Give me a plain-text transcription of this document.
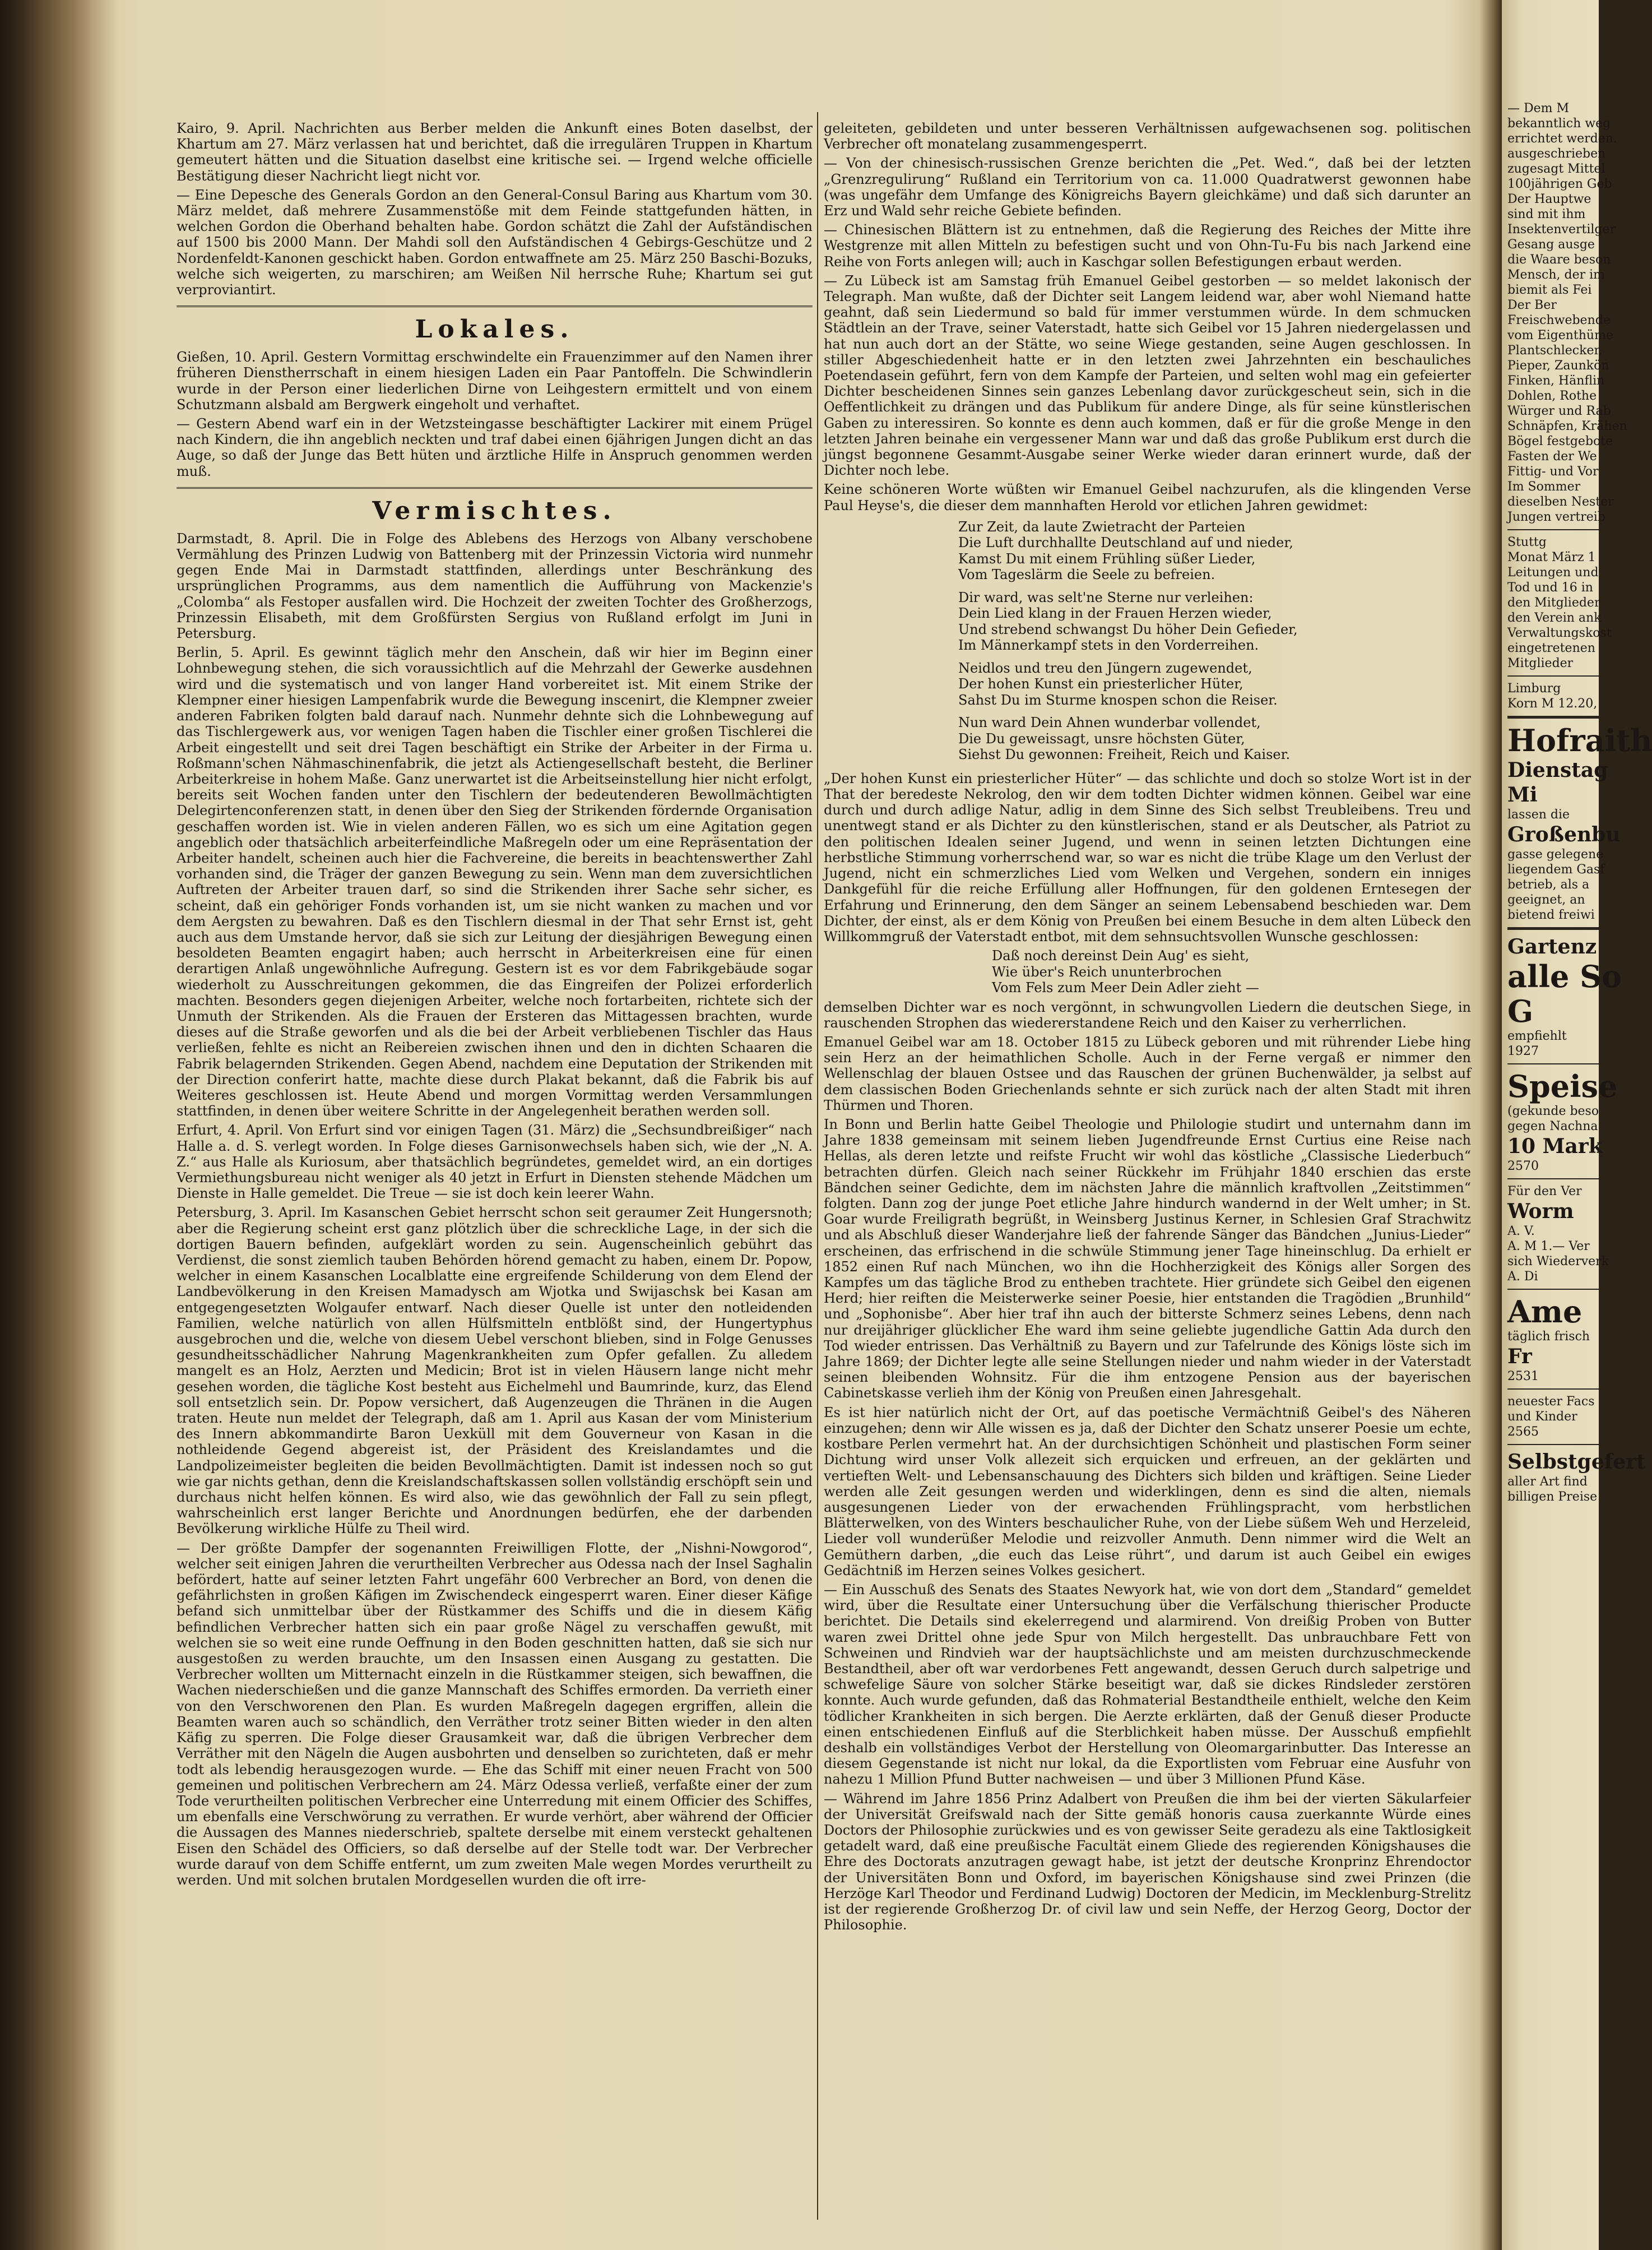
Kairo, 9. April. Nachrichten aus Berber melden die Ankunft eines Boten daselbst, der Khartum am 27. März verlassen hat und berichtet, daß die irregulären Truppen in Khartum gemeutert hätten und die Situation daselbst eine kritische sei. — Irgend welche officielle Bestätigung dieser Nachricht liegt nicht vor.

— Eine Depesche des Generals Gordon an den General-Consul Baring aus Khartum vom 30. März meldet, daß mehrere Zusammenstöße mit dem Feinde stattgefunden hätten, in welchen Gordon die Oberhand behalten habe. Gordon schätzt die Zahl der Aufständischen auf 1500 bis 2000 Mann. Der Mahdi soll den Aufständischen 4 Gebirgs-Geschütze und 2 Nordenfeldt-Kanonen geschickt haben. Gordon entwaffnete am 25. März 250 Baschi-Bozuks, welche sich weigerten, zu marschiren; am Weißen Nil herrsche Ruhe; Khartum sei gut verproviantirt.

Lokales.

Gießen, 10. April. Gestern Vormittag erschwindelte ein Frauenzimmer auf den Namen ihrer früheren Dienstherrschaft in einem hiesigen Laden ein Paar Pantoffeln. Die Schwindlerin wurde in der Person einer liederlichen Dirne von Leihgestern ermittelt und von einem Schutzmann alsbald am Bergwerk eingeholt und verhaftet.

— Gestern Abend warf ein in der Wetzsteingasse beschäftigter Lackirer mit einem Prügel nach Kindern, die ihn angeblich neckten und traf dabei einen 6jährigen Jungen dicht an das Auge, so daß der Junge das Bett hüten und ärztliche Hilfe in Anspruch genommen werden muß.

Vermischtes.

Darmstadt, 8. April. Die in Folge des Ablebens des Herzogs von Albany verschobene Vermählung des Prinzen Ludwig von Battenberg mit der Prinzessin Victoria wird nunmehr gegen Ende Mai in Darmstadt stattfinden, allerdings unter Beschränkung des ursprünglichen Programms, aus dem namentlich die Aufführung von Mackenzie's „Colomba“ als Festoper ausfallen wird. Die Hochzeit der zweiten Tochter des Großherzogs, Prinzessin Elisabeth, mit dem Großfürsten Sergius von Rußland erfolgt im Juni in Petersburg.

Berlin, 5. April. Es gewinnt täglich mehr den Anschein, daß wir hier im Beginn einer Lohnbewegung stehen, die sich voraussichtlich auf die Mehrzahl der Gewerke ausdehnen wird und die systematisch und von langer Hand vorbereitet ist. Mit einem Strike der Klempner einer hiesigen Lampenfabrik wurde die Bewegung inscenirt, die Klempner zweier anderen Fabriken folgten bald darauf nach. Nunmehr dehnte sich die Lohnbewegung auf das Tischlergewerk aus, vor wenigen Tagen haben die Tischler einer großen Tischlerei die Arbeit eingestellt und seit drei Tagen beschäftigt ein Strike der Arbeiter in der Firma u. Roßmann'schen Nähmaschinenfabrik, die jetzt als Actiengesellschaft besteht, die Berliner Arbeiterkreise in hohem Maße. Ganz unerwartet ist die Arbeitseinstellung hier nicht erfolgt, bereits seit Wochen fanden unter den Tischlern der bedeutenderen Bewollmächtigten Delegirtenconferenzen statt, in denen über den Sieg der Strikenden fördernde Organisation geschaffen worden ist. Wie in vielen anderen Fällen, wo es sich um eine Agitation gegen angeblich oder thatsächlich arbeiterfeindliche Maßregeln oder um eine Repräsentation der Arbeiter handelt, scheinen auch hier die Fachvereine, die bereits in beachtenswerther Zahl vorhanden sind, die Träger der ganzen Bewegung zu sein. Wenn man dem zuversichtlichen Auftreten der Arbeiter trauen darf, so sind die Strikenden ihrer Sache sehr sicher, es scheint, daß ein gehöriger Fonds vorhanden ist, um sie nicht wanken zu machen und vor dem Aergsten zu bewahren. Daß es den Tischlern diesmal in der That sehr Ernst ist, geht auch aus dem Umstande hervor, daß sie sich zur Leitung der diesjährigen Bewegung einen besoldeten Beamten engagirt haben; auch herrscht in Arbeiterkreisen eine für einen derartigen Anlaß ungewöhnliche Aufregung. Gestern ist es vor dem Fabrikgebäude sogar wiederholt zu Ausschreitungen gekommen, die das Eingreifen der Polizei erforderlich machten. Besonders gegen diejenigen Arbeiter, welche noch fortarbeiten, richtete sich der Unmuth der Strikenden. Als die Frauen der Ersteren das Mittagessen brachten, wurde dieses auf die Straße geworfen und als die bei der Arbeit verbliebenen Tischler das Haus verließen, fehlte es nicht an Reibereien zwischen ihnen und den in dichten Schaaren die Fabrik belagernden Strikenden. Gegen Abend, nachdem eine Deputation der Strikenden mit der Direction conferirt hatte, machte diese durch Plakat bekannt, daß die Fabrik bis auf Weiteres geschlossen ist. Heute Abend und morgen Vormittag werden Versammlungen stattfinden, in denen über weitere Schritte in der Angelegenheit berathen werden soll.

Erfurt, 4. April. Von Erfurt sind vor einigen Tagen (31. März) die „Sechsundbreißiger“ nach Halle a. d. S. verlegt worden. In Folge dieses Garnisonwechsels haben sich, wie der „N. A. Z.“ aus Halle als Kuriosum, aber thatsächlich begründetes, gemeldet wird, an ein dortiges Vermiethungsbureau nicht weniger als 40 jetzt in Erfurt in Diensten stehende Mädchen um Dienste in Halle gemeldet. Die Treue — sie ist doch kein leerer Wahn.

Petersburg, 3. April. Im Kasanschen Gebiet herrscht schon seit geraumer Zeit Hungersnoth; aber die Regierung scheint erst ganz plötzlich über die schreckliche Lage, in der sich die dortigen Bauern befinden, aufgeklärt worden zu sein. Augenscheinlich gebührt das Verdienst, die sonst ziemlich tauben Behörden hörend gemacht zu haben, einem Dr. Popow, welcher in einem Kasanschen Localblatte eine ergreifende Schilderung von dem Elend der Landbevölkerung in den Kreisen Mamadysch am Wjotka und Swijaschsk bei Kasan am entgegengesetzten Wolgaufer entwarf. Nach dieser Quelle ist unter den notleidenden Familien, welche natürlich von allen Hülfsmitteln entblößt sind, der Hungertyphus ausgebrochen und die, welche von diesem Uebel verschont blieben, sind in Folge Genusses gesundheitsschädlicher Nahrung Magenkrankheiten zum Opfer gefallen. Zu alledem mangelt es an Holz, Aerzten und Medicin; Brot ist in vielen Häusern lange nicht mehr gesehen worden, die tägliche Kost besteht aus Eichelmehl und Baumrinde, kurz, das Elend soll entsetzlich sein. Dr. Popow versichert, daß Augenzeugen die Thränen in die Augen traten. Heute nun meldet der Telegraph, daß am 1. April aus Kasan der vom Ministerium des Innern abkommandirte Baron Uexküll mit dem Gouverneur von Kasan in die nothleidende Gegend abgereist ist, der Präsident des Kreislandamtes und die Landpolizeimeister begleiten die beiden Bevollmächtigten. Damit ist indessen noch so gut wie gar nichts gethan, denn die Kreislandschaftskassen sollen vollständig erschöpft sein und durchaus nicht helfen können. Es wird also, wie das gewöhnlich der Fall zu sein pflegt, wahrscheinlich erst langer Berichte und Anordnungen bedürfen, ehe der darbenden Bevölkerung wirkliche Hülfe zu Theil wird.

— Der größte Dampfer der sogenannten Freiwilligen Flotte, der „Nishni-Nowgorod“, welcher seit einigen Jahren die verurtheilten Verbrecher aus Odessa nach der Insel Saghalin befördert, hatte auf seiner letzten Fahrt ungefähr 600 Verbrecher an Bord, von denen die gefährlichsten in großen Käfigen im Zwischendeck eingesperrt waren. Einer dieser Käfige befand sich unmittelbar über der Rüstkammer des Schiffs und die in diesem Käfig befindlichen Verbrecher hatten sich ein paar große Nägel zu verschaffen gewußt, mit welchen sie so weit eine runde Oeffnung in den Boden geschnitten hatten, daß sie sich nur ausgestoßen zu werden brauchte, um den Insassen einen Ausgang zu gestatten. Die Verbrecher wollten um Mitternacht einzeln in die Rüstkammer steigen, sich bewaffnen, die Wachen niederschießen und die ganze Mannschaft des Schiffes ermorden. Da verrieth einer von den Verschworenen den Plan. Es wurden Maßregeln dagegen ergriffen, allein die Beamten waren auch so schändlich, den Verräther trotz seiner Bitten wieder in den alten Käfig zu sperren. Die Folge dieser Grausamkeit war, daß die übrigen Verbrecher dem Verräther mit den Nägeln die Augen ausbohrten und denselben so zurichteten, daß er mehr todt als lebendig herausgezogen wurde. — Ehe das Schiff mit einer neuen Fracht von 500 gemeinen und politischen Verbrechern am 24. März Odessa verließ, verfaßte einer der zum Tode verurtheilten politischen Verbrecher eine Unterredung mit einem Officier des Schiffes, um ebenfalls eine Verschwörung zu verrathen. Er wurde verhört, aber während der Officier die Aussagen des Mannes niederschrieb, spaltete derselbe mit einem versteckt gehaltenen Eisen den Schädel des Officiers, so daß derselbe auf der Stelle todt war. Der Verbrecher wurde darauf von dem Schiffe entfernt, um zum zweiten Male wegen Mordes verurtheilt zu werden. Und mit solchen brutalen Mordgesellen wurden die oft irre-

geleiteten, gebildeten und unter besseren Verhältnissen aufgewachsenen sog. politischen Verbrecher oft monatelang zusammengesperrt.

— Von der chinesisch-russischen Grenze berichten die „Pet. Wed.“, daß bei der letzten „Grenzregulirung“ Rußland ein Territorium von ca. 11.000 Quadratwerst gewonnen habe (was ungefähr dem Umfange des Königreichs Bayern gleichkäme) und daß sich darunter an Erz und Wald sehr reiche Gebiete befinden.

— Chinesischen Blättern ist zu entnehmen, daß die Regierung des Reiches der Mitte ihre Westgrenze mit allen Mitteln zu befestigen sucht und von Ohn-Tu-Fu bis nach Jarkend eine Reihe von Forts anlegen will; auch in Kaschgar sollen Befestigungen erbaut werden.

— Zu Lübeck ist am Samstag früh Emanuel Geibel gestorben — so meldet lakonisch der Telegraph. Man wußte, daß der Dichter seit Langem leidend war, aber wohl Niemand hatte geahnt, daß sein Liedermund so bald für immer verstummen würde. In dem schmucken Städtlein an der Trave, seiner Vaterstadt, hatte sich Geibel vor 15 Jahren niedergelassen und hat nun auch dort an der Stätte, wo seine Wiege gestanden, seine Augen geschlossen. In stiller Abgeschiedenheit hatte er in den letzten zwei Jahrzehnten ein beschauliches Poetendasein geführt, fern von dem Kampfe der Parteien, und selten wohl mag ein gefeierter Dichter bescheidenen Sinnes sein ganzes Lebenlang davor zurückgescheut sein, sich in die Oeffentlichkeit zu drängen und das Publikum für andere Dinge, als für seine künstlerischen Gaben zu interessiren. So konnte es denn auch kommen, daß er für die große Menge in den letzten Jahren beinahe ein vergessener Mann war und daß das große Publikum erst durch die jüngst begonnene Gesammt-Ausgabe seiner Werke wieder daran erinnert wurde, daß der Dichter noch lebe.

Keine schöneren Worte wüßten wir Emanuel Geibel nachzurufen, als die klingenden Verse Paul Heyse's, die dieser dem mannhaften Herold vor etlichen Jahren gewidmet:

Zur Zeit, da laute Zwietracht der Parteien
Die Luft durchhallte Deutschland auf und nieder,
Kamst Du mit einem Frühling süßer Lieder,
Vom Tageslärm die Seele zu befreien.
Dir ward, was selt'ne Sterne nur verleihen:
Dein Lied klang in der Frauen Herzen wieder,
Und strebend schwangst Du höher Dein Gefieder,
Im Männerkampf stets in den Vorderreihen.
Neidlos und treu den Jüngern zugewendet,
Der hohen Kunst ein priesterlicher Hüter,
Sahst Du im Sturme knospen schon die Reiser.
Nun ward Dein Ahnen wunderbar vollendet,
Die Du geweissagt, unsre höchsten Güter,
Siehst Du gewonnen: Freiheit, Reich und Kaiser.

„Der hohen Kunst ein priesterlicher Hüter“ — das schlichte und doch so stolze Wort ist in der That der beredeste Nekrolog, den wir dem todten Dichter widmen können. Geibel war eine durch und durch adlige Natur, adlig in dem Sinne des Sich selbst Treubleibens. Treu und unentwegt stand er als Dichter zu den künstlerischen, stand er als Deutscher, als Patriot zu den politischen Idealen seiner Jugend, und wenn in seinen letzten Dichtungen eine herbstliche Stimmung vorherrschend war, so war es nicht die trübe Klage um den Verlust der Jugend, nicht ein schmerzliches Lied vom Welken und Vergehen, sondern ein inniges Dankgefühl für die reiche Erfüllung aller Hoffnungen, für den goldenen Erntesegen der Erfahrung und Erinnerung, den dem Sänger an seinem Lebensabend beschieden war. Dem Dichter, der einst, als er dem König von Preußen bei einem Besuche in dem alten Lübeck den Willkommgruß der Vaterstadt entbot, mit dem sehnsuchtsvollen Wunsche geschlossen:

Daß noch dereinst Dein Aug' es sieht,
Wie über's Reich ununterbrochen
Vom Fels zum Meer Dein Adler zieht —

demselben Dichter war es noch vergönnt, in schwungvollen Liedern die deutschen Siege, in rauschenden Strophen das wiedererstandene Reich und den Kaiser zu verherrlichen.

Emanuel Geibel war am 18. October 1815 zu Lübeck geboren und mit rührender Liebe hing sein Herz an der heimathlichen Scholle. Auch in der Ferne vergaß er nimmer den Wellenschlag der blauen Ostsee und das Rauschen der grünen Buchenwälder, ja selbst auf dem classischen Boden Griechenlands sehnte er sich zurück nach der alten Stadt mit ihren Thürmen und Thoren.

In Bonn und Berlin hatte Geibel Theologie und Philologie studirt und unternahm dann im Jahre 1838 gemeinsam mit seinem lieben Jugendfreunde Ernst Curtius eine Reise nach Hellas, als deren letzte und reifste Frucht wir wohl das köstliche „Classische Liederbuch“ betrachten dürfen. Gleich nach seiner Rückkehr im Frühjahr 1840 erschien das erste Bändchen seiner Gedichte, dem im nächsten Jahre die männlich kraftvollen „Zeitstimmen“ folgten. Dann zog der junge Poet etliche Jahre hindurch wandernd in der Welt umher; in St. Goar wurde Freiligrath begrüßt, in Weinsberg Justinus Kerner, in Schlesien Graf Strachwitz und als Abschluß dieser Wanderjahre ließ der fahrende Sänger das Bändchen „Junius-Lieder“ erscheinen, das erfrischend in die schwüle Stimmung jener Tage hineinschlug. Da erhielt er 1852 einen Ruf nach München, wo ihn die Hochherzigkeit des Königs aller Sorgen des Kampfes um das tägliche Brod zu entheben trachtete. Hier gründete sich Geibel den eigenen Herd; hier reiften die Meisterwerke seiner Poesie, hier entstanden die Tragödien „Brunhild“ und „Sophonisbe“. Aber hier traf ihn auch der bitterste Schmerz seines Lebens, denn nach nur dreijähriger glücklicher Ehe ward ihm seine geliebte jugendliche Gattin Ada durch den Tod wieder entrissen. Das Verhältniß zu Bayern und zur Tafelrunde des Königs löste sich im Jahre 1869; der Dichter legte alle seine Stellungen nieder und nahm wieder in der Vaterstadt seinen bleibenden Wohnsitz. Für die ihm entzogene Pension aus der bayerischen Cabinetskasse verlieh ihm der König von Preußen einen Jahresgehalt.

Es ist hier natürlich nicht der Ort, auf das poetische Vermächtniß Geibel's des Näheren einzugehen; denn wir Alle wissen es ja, daß der Dichter den Schatz unserer Poesie um echte, kostbare Perlen vermehrt hat. An der durchsichtigen Schönheit und plastischen Form seiner Dichtung wird unser Volk allezeit sich erquicken und erfreuen, an der geklärten und vertieften Welt- und Lebensanschauung des Dichters sich bilden und kräftigen. Seine Lieder werden alle Zeit gesungen werden und widerklingen, denn es sind die alten, niemals ausgesungenen Lieder von der erwachenden Frühlingspracht, vom herbstlichen Blätterwelken, von des Winters beschaulicher Ruhe, von der Liebe süßem Weh und Herzeleid, Lieder voll wunderüßer Melodie und reizvoller Anmuth. Denn nimmer wird die Welt an Gemüthern darben, „die euch das Leise rührt“, und darum ist auch Geibel ein ewiges Gedächtniß im Herzen seines Volkes gesichert.

— Ein Ausschuß des Senats des Staates Newyork hat, wie von dort dem „Standard“ gemeldet wird, über die Resultate einer Untersuchung über die Verfälschung thierischer Producte berichtet. Die Details sind ekelerregend und alarmirend. Von dreißig Proben von Butter waren zwei Drittel ohne jede Spur von Milch hergestellt. Das unbrauchbare Fett von Schweinen und Rindvieh war der hauptsächlichste und am meisten durchzuschmeckende Bestandtheil, aber oft war verdorbenes Fett angewandt, dessen Geruch durch salpetrige und schwefelige Säure von solcher Stärke beseitigt war, daß sie dickes Rindsleder zerstören konnte. Auch wurde gefunden, daß das Rohmaterial Bestandtheile enthielt, welche den Keim tödlicher Krankheiten in sich bergen. Die Aerzte erklärten, daß der Genuß dieser Producte einen entschiedenen Einfluß auf die Sterblichkeit haben müsse. Der Ausschuß empfiehlt deshalb ein vollständiges Verbot der Herstellung von Oleomargarinbutter. Das Interesse an diesem Gegenstande ist nicht nur lokal, da die Exportlisten vom Februar eine Ausfuhr von nahezu 1 Million Pfund Butter nachweisen — und über 3 Millionen Pfund Käse.

— Während im Jahre 1856 Prinz Adalbert von Preußen die ihm bei der vierten Säkularfeier der Universität Greifswald nach der Sitte gemäß honoris causa zuerkannte Würde eines Doctors der Philosophie zurückwies und es von gewisser Seite geradezu als eine Taktlosigkeit getadelt ward, daß eine preußische Facultät einem Gliede des regierenden Königshauses die Ehre des Doctorats anzutragen gewagt habe, ist jetzt der deutsche Kronprinz Ehrendoctor der Universitäten Bonn und Oxford, im bayerischen Königshause sind zwei Prinzen (die Herzöge Karl Theodor und Ferdinand Ludwig) Doctoren der Medicin, im Mecklenburg-Strelitz ist der regierende Großherzog Dr. of civil law und sein Neffe, der Herzog Georg, Doctor der Philosophie.

— Dem M
bekanntlich weg
errichtet werden.
ausgeschrieben
zugesagt Mittel
100jährigen Geb
Der Hauptwe
sind mit ihm
Insektenvertilger
Gesang ausge
die Waare beson
Mensch, der im
biemit als Fei
Der Ber
Freischwebende
vom Eigenthüme
Plantschlecker,
Pieper, Zaunkön
Finken, Hänflin
Dohlen, Rothe
Würger und Rab
Schnäpfen, Krähen
Bögel festgebote
Fasten der We
Fittig- und Vor
Im Sommer
dieselben Nester
Jungen vertreib
Stuttg
Monat März 1
Leitungen und
Tod und 16 in
den Mitglieder
den Verein ank
Verwaltungskost
eingetretenen
Mitglieder
Limburg
Korn M 12.20,
Hofraith
Dienstag
Mi
lassen die
Großenbu
gasse gelegene
liegendem Gasf
betrieb, als a
geeignet, an
bietend freiwi
Gartenz
alle So
G
empfiehlt
1927
Speise
(gekunde beso
gegen Nachna
10 Mark
2570
Für den Ver
Worm
A. V.
A. M 1.— Ver
sich Wiederverk
A. Di
Ame
täglich frisch
Fr
2531
neuester Facs
und Kinder
2565
Selbstgefert
aller Art find
billigen Preise
